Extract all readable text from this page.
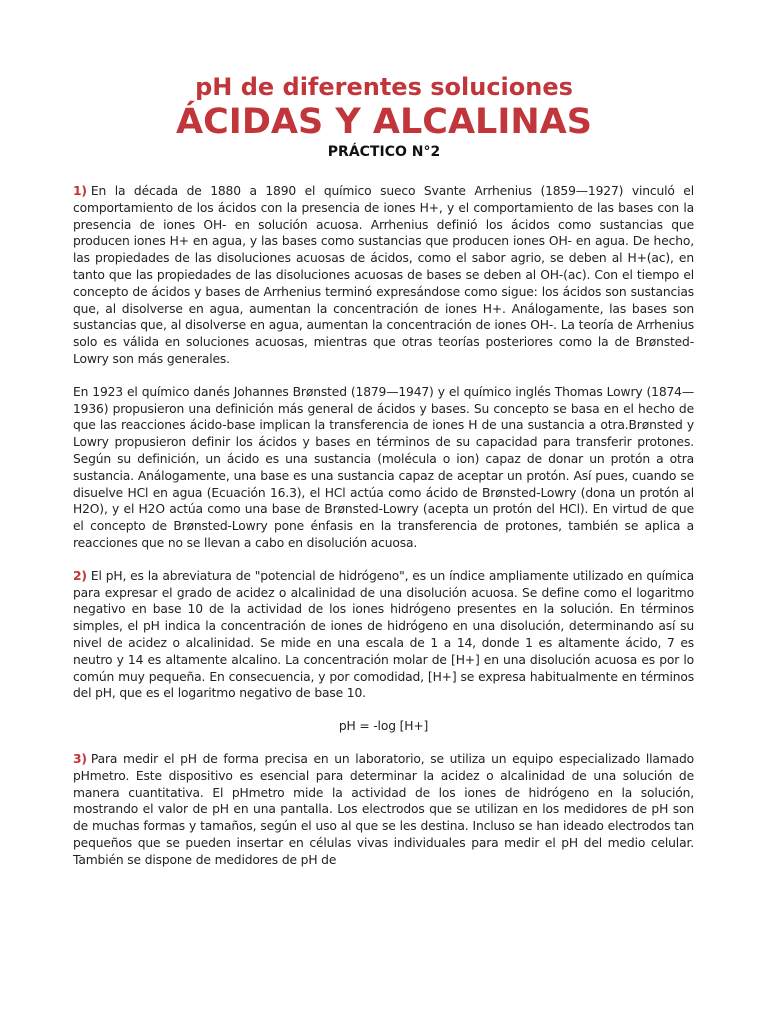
pH de diferentes soluciones
ÁCIDAS Y ALCALINAS
PRÁCTICO N°2

1) En la década de 1880 a 1890 el químico sueco Svante Arrhenius (1859—1927) vinculó el comportamiento de los ácidos con la presencia de iones H+, y el comportamiento de las bases con la presencia de iones OH- en solución acuosa. Arrhenius definió los ácidos como sustancias que producen iones H+ en agua, y las bases como sustancias que producen iones OH- en agua. De hecho, las propiedades de las disoluciones acuosas de ácidos, como el sabor agrio, se deben al H+(ac), en tanto que las propiedades de las disoluciones acuosas de bases se deben al OH-(ac). Con el tiempo el concepto de ácidos y bases de Arrhenius terminó expresándose como sigue: los ácidos son sustancias que, al disolverse en agua, aumentan la concentración de iones H+. Análogamente, las bases son sustancias que, al disolverse en agua, aumentan la concentración de iones OH-. La teoría de Arrhenius solo es válida en soluciones acuosas, mientras que otras teorías posteriores como la de Brønsted-Lowry son más generales.

En 1923 el químico danés Johannes Brønsted (1879—1947) y el químico inglés Thomas Lowry (1874—1936) propusieron una definición más general de ácidos y bases. Su concepto se basa en el hecho de que las reacciones ácido-base implican la transferencia de iones H de una sustancia a otra.Brønsted y Lowry propusieron definir los ácidos y bases en términos de su capacidad para transferir protones. Según su definición, un ácido es una sustancia (molécula o ion) capaz de donar un protón a otra sustancia. Análogamente, una base es una sustancia capaz de aceptar un protón. Así pues, cuando se disuelve HCl en agua (Ecuación 16.3), el HCl actúa como ácido de Brønsted-Lowry (dona un protón al H2O), y el H2O actúa como una base de Brønsted-Lowry (acepta un protón del HCl). En virtud de que el concepto de Brønsted-Lowry pone énfasis en la transferencia de protones, también se aplica a reacciones que no se llevan a cabo en disolución acuosa.

2) El pH, es la abreviatura de "potencial de hidrógeno", es un índice ampliamente utilizado en química para expresar el grado de acidez o alcalinidad de una disolución acuosa. Se define como el logaritmo negativo en base 10 de la actividad de los iones hidrógeno presentes en la solución. En términos simples, el pH indica la concentración de iones de hidrógeno en una disolución, determinando así su nivel de acidez o alcalinidad. Se mide en una escala de 1 a 14, donde 1 es altamente ácido, 7 es neutro y 14 es altamente alcalino. La concentración molar de [H+] en una disolución acuosa es por lo común muy pequeña. En consecuencia, y por comodidad, [H+] se expresa habitualmente en términos del pH, que es el logaritmo negativo de base 10.

pH = -log [H+]

3) Para medir el pH de forma precisa en un laboratorio, se utiliza un equipo especializado llamado pHmetro. Este dispositivo es esencial para determinar la acidez o alcalinidad de una solución de manera cuantitativa. El pHmetro mide la actividad de los iones de hidrógeno en la solución, mostrando el valor de pH en una pantalla. Los electrodos que se utilizan en los medidores de pH son de muchas formas y tamaños, según el uso al que se les destina. Incluso se han ideado electrodos tan pequeños que se pueden insertar en células vivas individuales para medir el pH del medio celular. También se dispone de medidores de pH de
